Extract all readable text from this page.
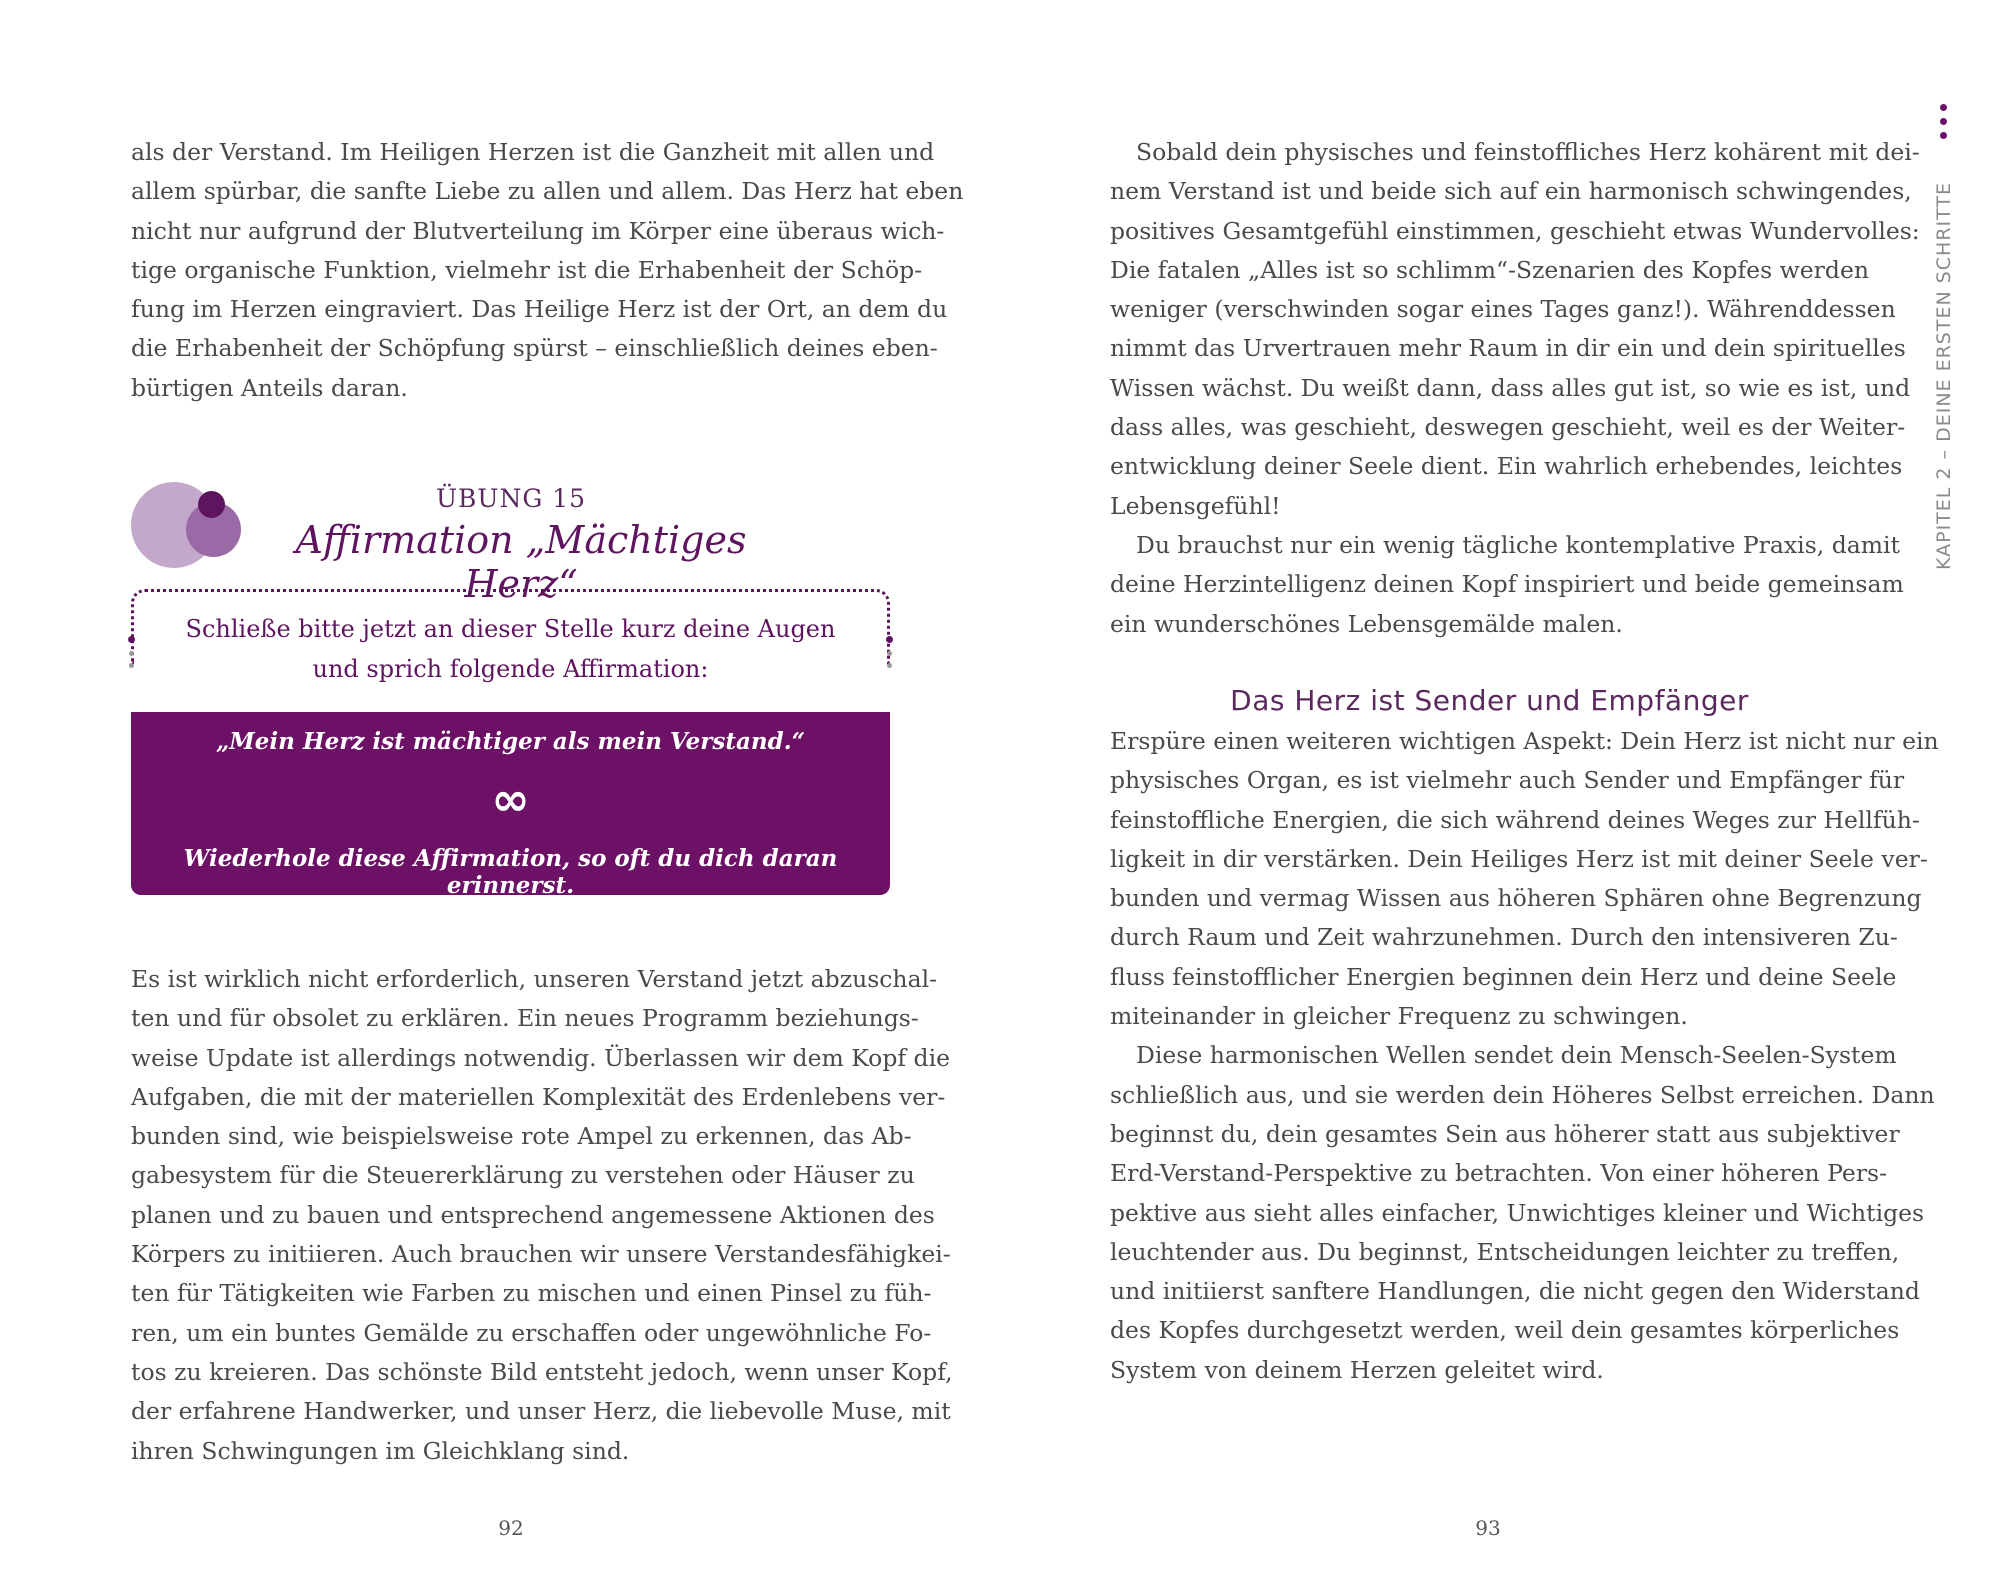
als der Verstand. Im Heiligen Herzen ist die Ganzheit mit allen und
allem spürbar, die sanfte Liebe zu allen und allem. Das Herz hat eben
nicht nur aufgrund der Blutverteilung im Körper eine überaus wich-
tige organische Funktion, vielmehr ist die Erhabenheit der Schöp-
fung im Herzen eingraviert. Das Heilige Herz ist der Ort, an dem du
die Erhabenheit der Schöpfung spürst – einschließlich deines eben-
bürtigen Anteils daran.
ÜBUNG 15
Affirmation „Mächtiges Herz“
Schließe bitte jetzt an dieser Stelle kurz deine Augen
und sprich folgende Affirmation:
„Mein Herz ist mächtiger als mein Verstand.“
∞
Wiederhole diese Affirmation, so oft du dich daran erinnerst.
Es ist wirklich nicht erforderlich, unseren Verstand jetzt abzuschal-
ten und für obsolet zu erklären. Ein neues Programm beziehungs-
weise Update ist allerdings notwendig. Überlassen wir dem Kopf die
Aufgaben, die mit der materiellen Komplexität des Erdenlebens ver-
bunden sind, wie beispielsweise rote Ampel zu erkennen, das Ab-
gabesystem für die Steuererklärung zu verstehen oder Häuser zu
planen und zu bauen und entsprechend angemessene Aktionen des
Körpers zu initiieren. Auch brauchen wir unsere Verstandesfähigkei-
ten für Tätigkeiten wie Farben zu mischen und einen Pinsel zu füh-
ren, um ein buntes Gemälde zu erschaffen oder ungewöhnliche Fo-
tos zu kreieren. Das schönste Bild entsteht jedoch, wenn unser Kopf,
der erfahrene Handwerker, und unser Herz, die liebevolle Muse, mit
ihren Schwingungen im Gleichklang sind.
92
Sobald dein physisches und feinstoffliches Herz kohärent mit dei-
nem Verstand ist und beide sich auf ein harmonisch schwingendes,
positives Gesamtgefühl einstimmen, geschieht etwas Wundervolles:
Die fatalen „Alles ist so schlimm“-Szenarien des Kopfes werden
weniger (verschwinden sogar eines Tages ganz!). Währenddessen
nimmt das Urvertrauen mehr Raum in dir ein und dein spirituelles
Wissen wächst. Du weißt dann, dass alles gut ist, so wie es ist, und
dass alles, was geschieht, deswegen geschieht, weil es der Weiter-
entwicklung deiner Seele dient. Ein wahrlich erhebendes, leichtes
Lebensgefühl!
Du brauchst nur ein wenig tägliche kontemplative Praxis, damit
deine Herzintelligenz deinen Kopf inspiriert und beide gemeinsam
ein wunderschönes Lebensgemälde malen.
Das Herz ist Sender und Empfänger
Erspüre einen weiteren wichtigen Aspekt: Dein Herz ist nicht nur ein
physisches Organ, es ist vielmehr auch Sender und Empfänger für
feinstoffliche Energien, die sich während deines Weges zur Hellfüh-
ligkeit in dir verstärken. Dein Heiliges Herz ist mit deiner Seele ver-
bunden und vermag Wissen aus höheren Sphären ohne Begrenzung
durch Raum und Zeit wahrzunehmen. Durch den intensiveren Zu-
fluss feinstofflicher Energien beginnen dein Herz und deine Seele
miteinander in gleicher Frequenz zu schwingen.
Diese harmonischen Wellen sendet dein Mensch-Seelen-System
schließlich aus, und sie werden dein Höheres Selbst erreichen. Dann
beginnst du, dein gesamtes Sein aus höherer statt aus subjektiver
Erd-Verstand-Perspektive zu betrachten. Von einer höheren Pers-
pektive aus sieht alles einfacher, Unwichtiges kleiner und Wichtiges
leuchtender aus. Du beginnst, Entscheidungen leichter zu treffen,
und initiierst sanftere Handlungen, die nicht gegen den Widerstand
des Kopfes durchgesetzt werden, weil dein gesamtes körperliches
System von deinem Herzen geleitet wird.
KAPITEL 2 – DEINE ERSTEN SCHRITTE
93
